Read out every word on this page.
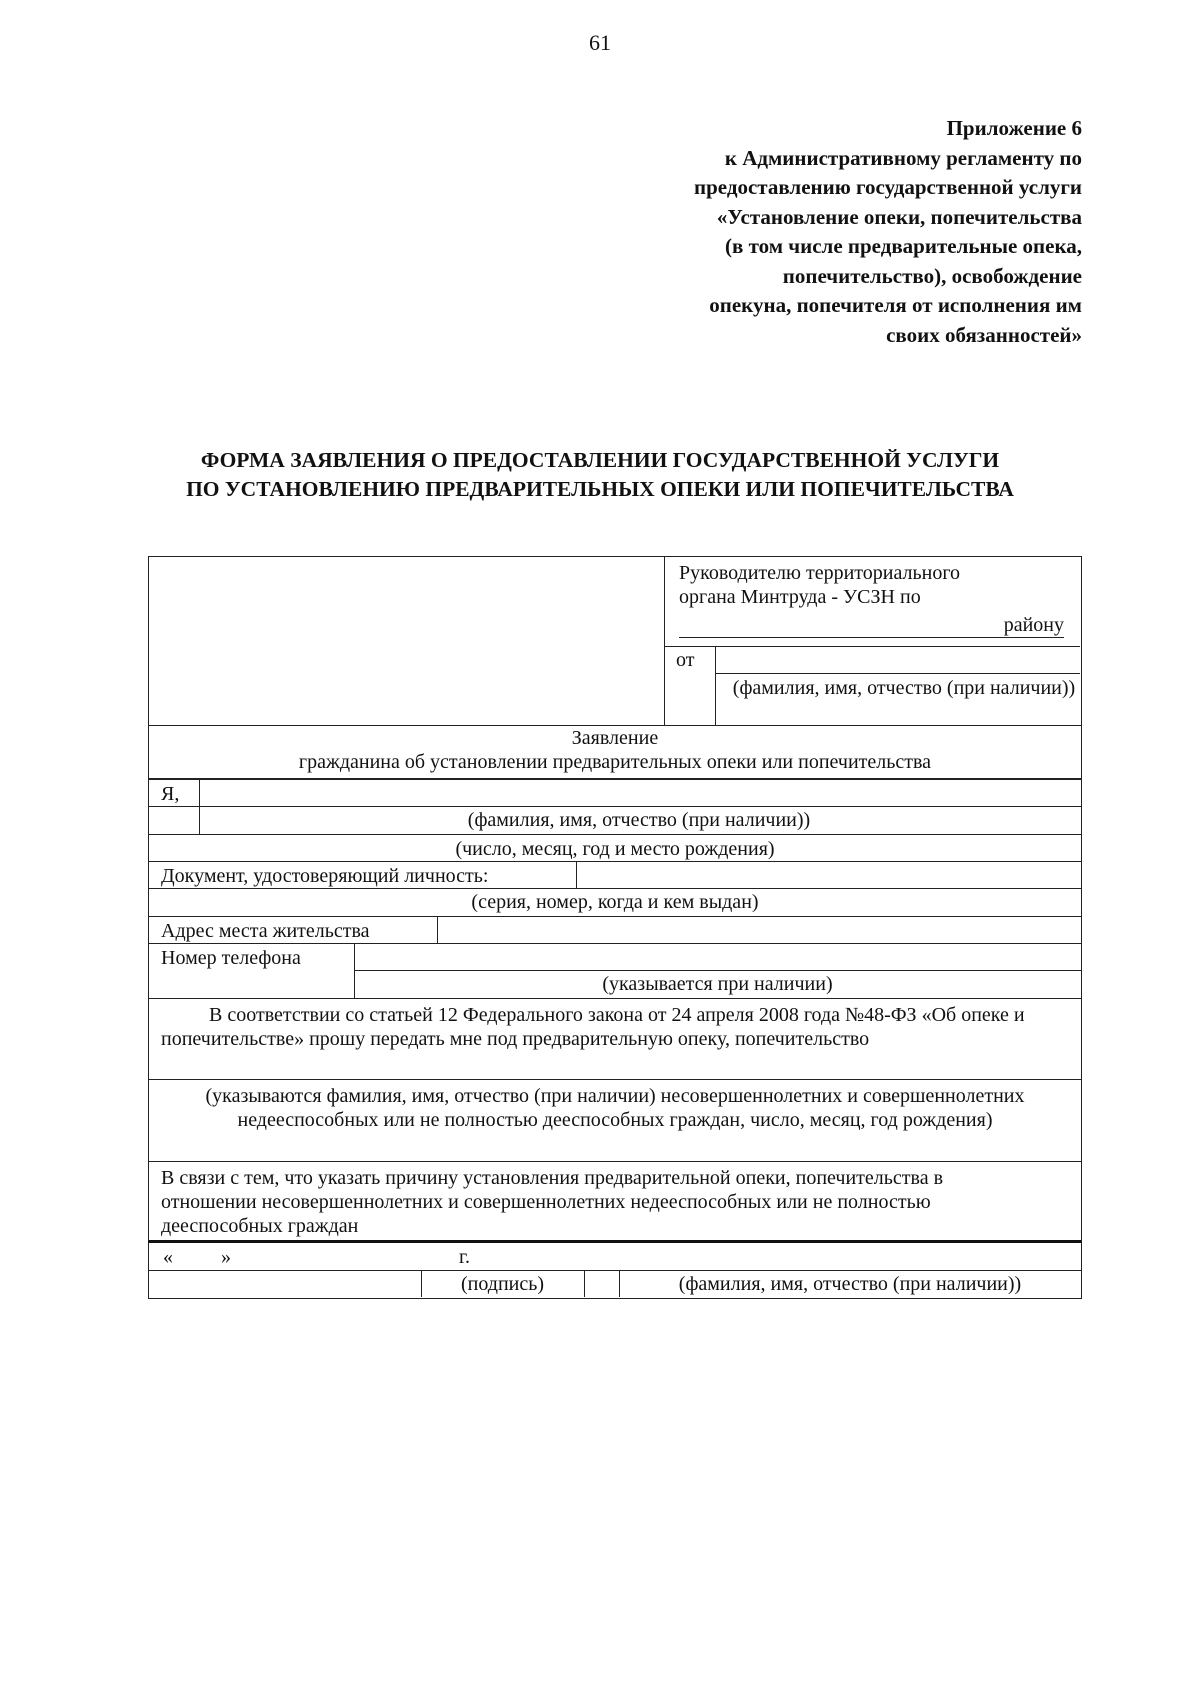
61
Приложение 6
к Административному регламенту по
предоставлению государственной услуги
«Установление опеки, попечительства
(в том числе предварительные опека,
попечительство), освобождение
опекуна, попечителя от исполнения им
своих обязанностей»
ФОРМА ЗАЯВЛЕНИЯ О ПРЕДОСТАВЛЕНИИ ГОСУДАРСТВЕННОЙ УСЛУГИ
ПО УСТАНОВЛЕНИЮ ПРЕДВАРИТЕЛЬНЫХ ОПЕКИ ИЛИ ПОПЕЧИТЕЛЬСТВА
Руководителю территориального
органа Минтруда - УСЗН по
району
от
(фамилия, имя, отчество (при наличии))
Заявление
гражданина об установлении предварительных опеки или попечительства
Я,
(фамилия, имя, отчество (при наличии))
(число, месяц, год и место рождения)
Документ, удостоверяющий личность:
(серия, номер, когда и кем выдан)
Адрес места жительства
Номер телефона
(указывается при наличии)
В соответствии со статьей 12 Федерального закона от 24 апреля 2008 года №48-ФЗ «Об опеке и попечительстве» прошу передать мне под предварительную опеку, попечительство
(указываются фамилия, имя, отчество (при наличии) несовершеннолетних и совершеннолетних недееспособных или не полностью дееспособных граждан, число, месяц, год рождения)
В связи с тем, что указать причину установления предварительной опеки, попечительства в отношении несовершеннолетних и совершеннолетних недееспособных или не полностью дееспособных граждан
« »	г.
(подпись)	(фамилия, имя, отчество (при наличии))
